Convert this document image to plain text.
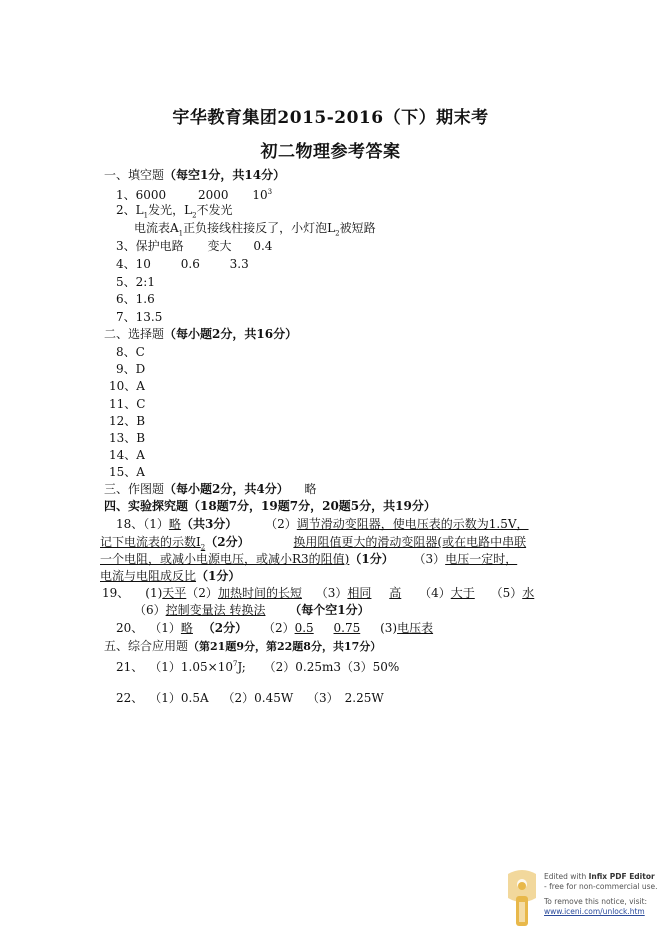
宇华教育集团2015-2016（下）期末考
初二物理参考答案
一、填空题（每空1分，共14分）
1、6000	2000 $10^3$
2、$L_1$发光，$L_2$不发光
电流表$A_1$正负接线柱接反了，小灯泡$L_2$被短路
3、保护电路 变大 0.4
4、10 0.6 3.3
5、2:1
6、1.6
7、13.5
二、选择题（每小题2分，共16分）
8、C
9、D
10、A
11、C
12、B
13、B
14、A
15、A
三、作图题（每小题2分，共4分） 略
四、实验探究题（18题7分，19题7分，20题5分，共19分）
18、（1）略（共3分） （2）调节滑动变阻器，使电压表的示数为1.5V，
记下电流表的示数$I_2(2$分）	换用阻值更大的滑动变阻器(或在电路中串联
一个电阻，或减小电源电压，或减小R3的阻值)（1分） （3）电压一定时，
电流与电阻成反比（1分）
19、 (1)天平（2）加热时间的长短 （3）相同 高 （4）大于 （5）水
（6）控制变量法 转换法 （每个空1分）
20、 （1）略 （2分） （2）0.5 0.75 (3)电压表
五、综合应用题（第21题9分，第22题8分，共17分）
21、 $(1)1.05\times 10^7J$; （2）0.25m3（3）50%
22、 （1）0.5A （2）0.45W （3） 2.25W
Edited with Infix PDF Editor
- free for non-commercial use.
To remove this notice, visit:
www.iceni.com/unlock.htm
